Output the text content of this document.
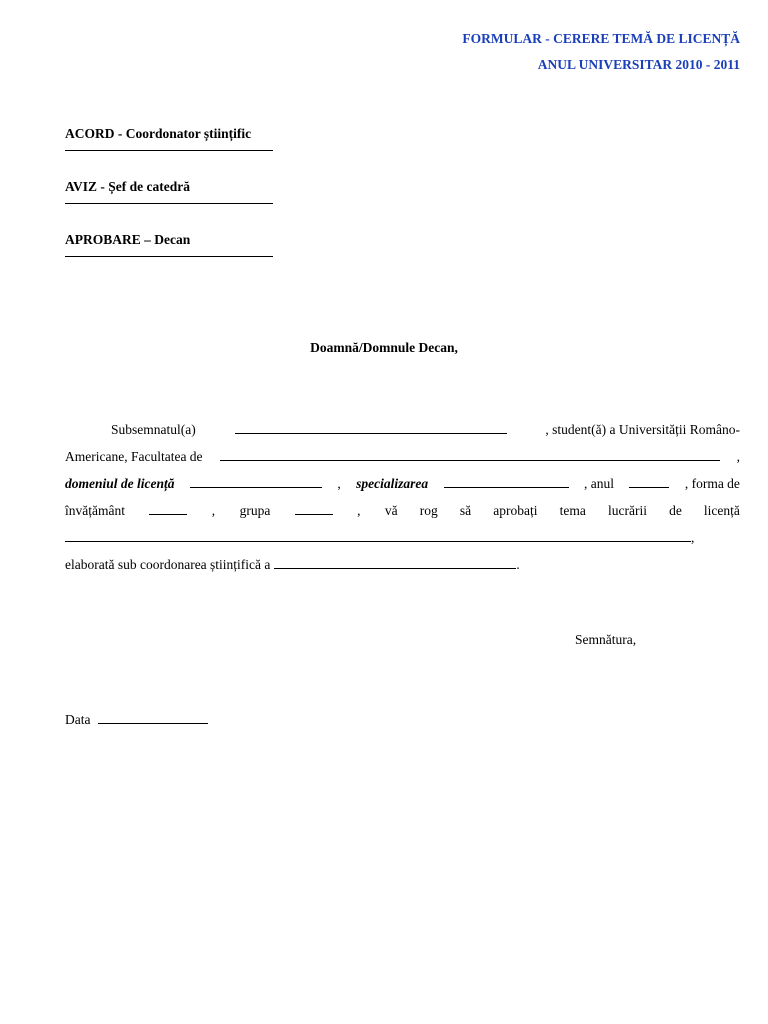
FORMULAR - CERERE TEMĂ DE LICENȚĂ
ANUL UNIVERSITAR 2010 - 2011
ACORD - Coordonator științific
AVIZ - Șef de catedră
APROBARE – Decan
Doamnă/Domnule Decan,
Subsemnatul(a)	, student(ă) a Universității Româno-
Americane, Facultatea de	,
domeniul de licență	, specializarea	, anul	, forma de
învățământ	, grupa	, vă rog să aprobați tema lucrării de licență
,
elaborată sub coordonarea științifică a	.
Semnătura,
Data
